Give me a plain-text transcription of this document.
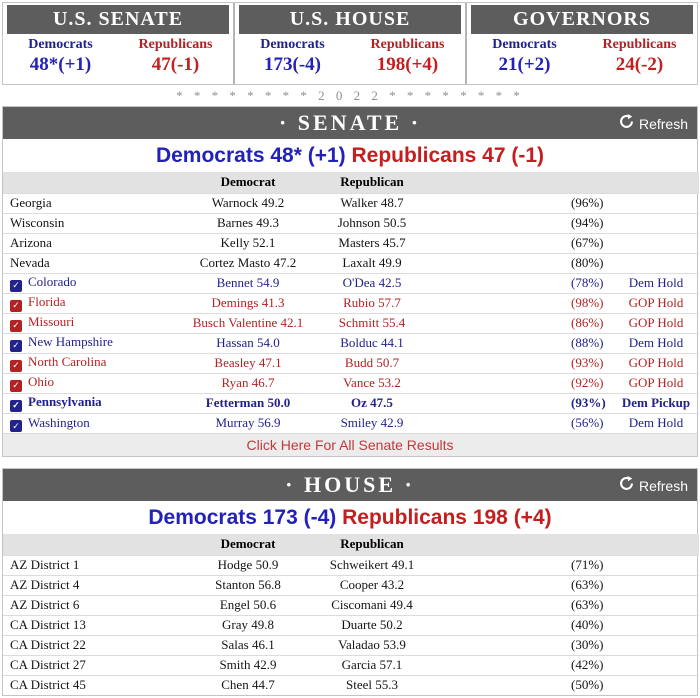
U.S. SENATE
Democrats
48*(+1)
Republicans
47(-1)
U.S. HOUSE
Democrats
173(-4)
Republicans
198(+4)
GOVERNORS
Democrats
21(+2)
Republicans
24(-2)
* * * * * * * * 2 0 2 2 * * * * * * * *
· SENATE ·	Refresh
Democrats 48* (+1) Republicans 47 (-1)
	Democrat	Republican			
Georgia	Warnock 49.2	Walker 48.7		(96%)	
Wisconsin	Barnes 49.3	Johnson 50.5		(94%)	
Arizona	Kelly 52.1	Masters 45.7		(67%)	
Nevada	Cortez Masto 47.2	Laxalt 49.9		(80%)	
✓ Colorado	Bennet 54.9	O'Dea 42.5		(78%)	Dem Hold
✓ Florida	Demings 41.3	Rubio 57.7		(98%)	GOP Hold
✓ Missouri	Busch Valentine 42.1	Schmitt 55.4		(86%)	GOP Hold
✓ New Hampshire	Hassan 54.0	Bolduc 44.1		(88%)	Dem Hold
✓ North Carolina	Beasley 47.1	Budd 50.7		(93%)	GOP Hold
✓ Ohio	Ryan 46.7	Vance 53.2		(92%)	GOP Hold
✓ Pennsylvania	Fetterman 50.0	Oz 47.5		(93%)	Dem Pickup
✓ Washington	Murray 56.9	Smiley 42.9		(56%)	Dem Hold
Click Here For All Senate Results
· HOUSE ·	Refresh
Democrats 173 (-4) Republicans 198 (+4)
	Democrat	Republican			
AZ District 1	Hodge 50.9	Schweikert 49.1		(71%)	
AZ District 4	Stanton 56.8	Cooper 43.2		(63%)	
AZ District 6	Engel 50.6	Ciscomani 49.4		(63%)	
CA District 13	Gray 49.8	Duarte 50.2		(40%)	
CA District 22	Salas 46.1	Valadao 53.9		(30%)	
CA District 27	Smith 42.9	Garcia 57.1		(42%)	
CA District 45	Chen 44.7	Steel 55.3		(50%)	
